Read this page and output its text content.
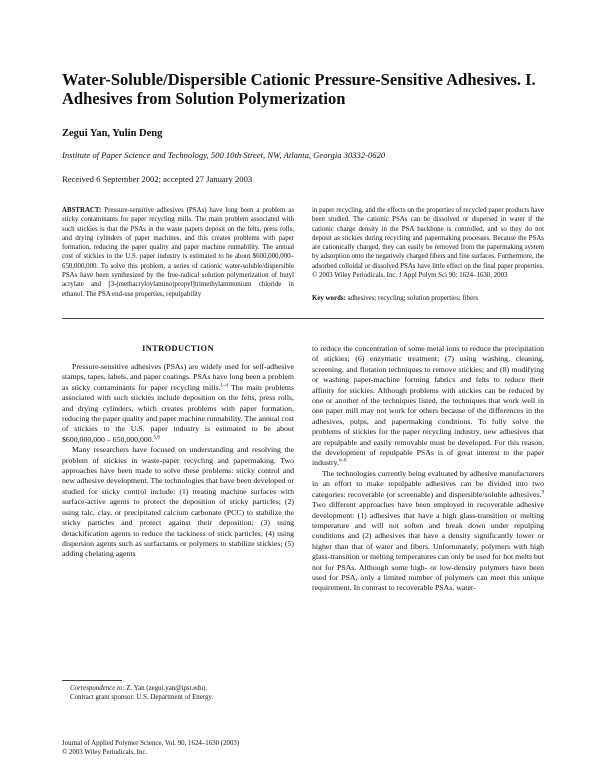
Water-Soluble/Dispersible Cationic Pressure-Sensitive Adhesives. I. Adhesives from Solution Polymerization
Zegui Yan, Yulin Deng
Institute of Paper Science and Technology, 500 10th Street, NW, Atlanta, Georgia 30332-0620
Received 6 September 2002; accepted 27 January 2003
ABSTRACT: Pressure-sensitive adhesives (PSAs) have long been a problem as sticky contaminants for paper recycling mills. The main problem associated with such stickies is that the PSAs in the waste papers deposit on the felts, press rolls, and drying cylinders of paper machines, and this creates problems with paper formation, reducing the paper quality and paper machine runnability. The annual cost of stickies to the U.S. paper industry is estimated to be about $600,000,000– 650,000,000. To solve this problem, a series of cationic water-soluble/dispersible PSAs have been synthesized by the free-radical solution polymerization of butyl acrylate and [3-(methacryloylamino)propyl]trimethylammonium chloride in ethanol. The PSA end-use properties, repulpability
in paper recycling, and the effects on the properties of recycled paper products have been studied. The cationic PSAs can be dissolved or dispersed in water if the cationic charge density in the PSA backbone is controlled, and so they do not deposit as stickies during recycling and papermaking processes. Because the PSAs are cationically charged, they can easily be removed from the papermaking system by adsorption onto the negatively charged fibers and fine surfaces. Furthermore, the adsorbed colloidal or dissolved PSAs have little effect on the final paper properties. © 2003 Wiley Periodicals, Inc. J Appl Polym Sci 90: 1624–1630, 2003
Key words: adhesives; recycling; solution properties; fibers
INTRODUCTION

Pressure-sensitive adhesives (PSAs) are widely used for self-adhesive stamps, tapes, labels, and paper coatings. PSAs have long been a problem as sticky contaminants for paper recycling mills.$^{1-4}$ The main problems associated with such stickies include deposition on the felts, press rolls, and drying cylinders, which creates problems with paper formation, reducing the paper quality and paper machine runnability. The annual cost of stickies to the U.S. paper industry is estimated to be about $600,000,000 – 650,000,000.$^{5,6}$

Many researchers have focused on understanding and resolving the problem of stickies in waste-paper recycling and papermaking. Two approaches have been made to solve these problems: sticky control and new adhesive development. The technologies that have been developed or studied for sticky control include: (1) treating machine surfaces with surface-active agents to protect the deposition of sticky particles; (2) using talc, clay, or precipitated calcium carbonate (PCC) to stabilize the sticky particles and protect against their deposition; (3) using detackification agents to reduce the tackiness of stick particles; (4) using dispersion agents such as surfactants or polymers to stabilize stickies; (5) adding chelating agents

to reduce the concentration of some metal ions to reduce the precipitation of stickies; (6) enzymatic treatment; (7) using washing, cleaning, screening, and flotation techniques to remove stickies; and (8) modifying or washing paper-machine forming fabrics and felts to reduce their affinity for stickies. Although problems with stickies can be reduced by one or another of the techniques listed, the techniques that work well in one paper mill may not work for others because of the differences in the adhesives, pulps, and papermaking conditions. To fully solve the problems of stickies for the paper recycling industry, new adhesives that are repulpable and easily removable must be developed. For this reason, the development of repulpable PSAs is of great interest to the paper industry.$^{6-8}$

The technologies currently being evaluated by adhesive manufacturers in an effort to make repulpable adhesives can be divided into two categories: recoverable (or screenable) and dispersible/soluble adhesives.$^9$ Two different approaches have been employed in recoverable adhesive development: (1) adhesives that have a high glass-transition or melting temperature and will not soften and break down under repulping conditions and (2) adhesives that have a density significantly lower or higher than that of water and fibers. Unfortunately, polymers with high glass-transition or melting temperatures can only be used for hot melts but not for PSAs. Although some high- or low-density polymers have been used for PSA, only a limited number of polymers can meet this unique requirement. In contrast to recoverable PSAs, water-

Correspondence to: Z. Yan (zegui.yan@ipst.edu).

Contract grant sponsor: U.S. Department of Energy.

Journal of Applied Polymer Science, Vol. 90, 1624–1630 (2003)

© 2003 Wiley Periodicals, Inc.
